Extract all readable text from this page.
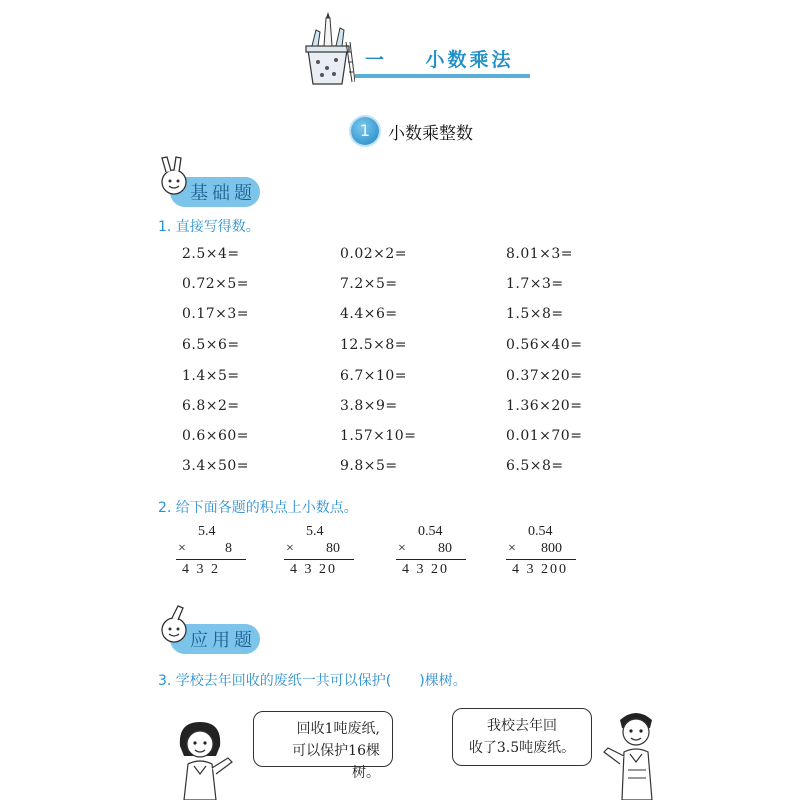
一 小数乘法
1	小数乘整数
基础题
1. 直接写得数。
2.5×4=
0.72×5=
0.17×3=
6.5×6=
1.4×5=
6.8×2=
0.6×60=
3.4×50=
0.02×2=
7.2×5=
4.4×6=
12.5×8=
6.7×10=
3.8×9=
1.57×10=
9.8×5=
8.01×3=
1.7×3=
1.5×8=
0.56×40=
0.37×20=
1.36×20=
0.01×70=
6.5×8=
2. 给下面各题的积点上小数点。
5.4
×	8
4 3 2
5.4
× 80
4 3 20
0.54
× 80
4 3 20
0.54
× 800
4 3 200
应用题
3. 学校去年回收的废纸一共可以保护( )棵树。
回收1吨废纸,
可以保护16棵树。
我校去年回
收了3.5吨废纸。
